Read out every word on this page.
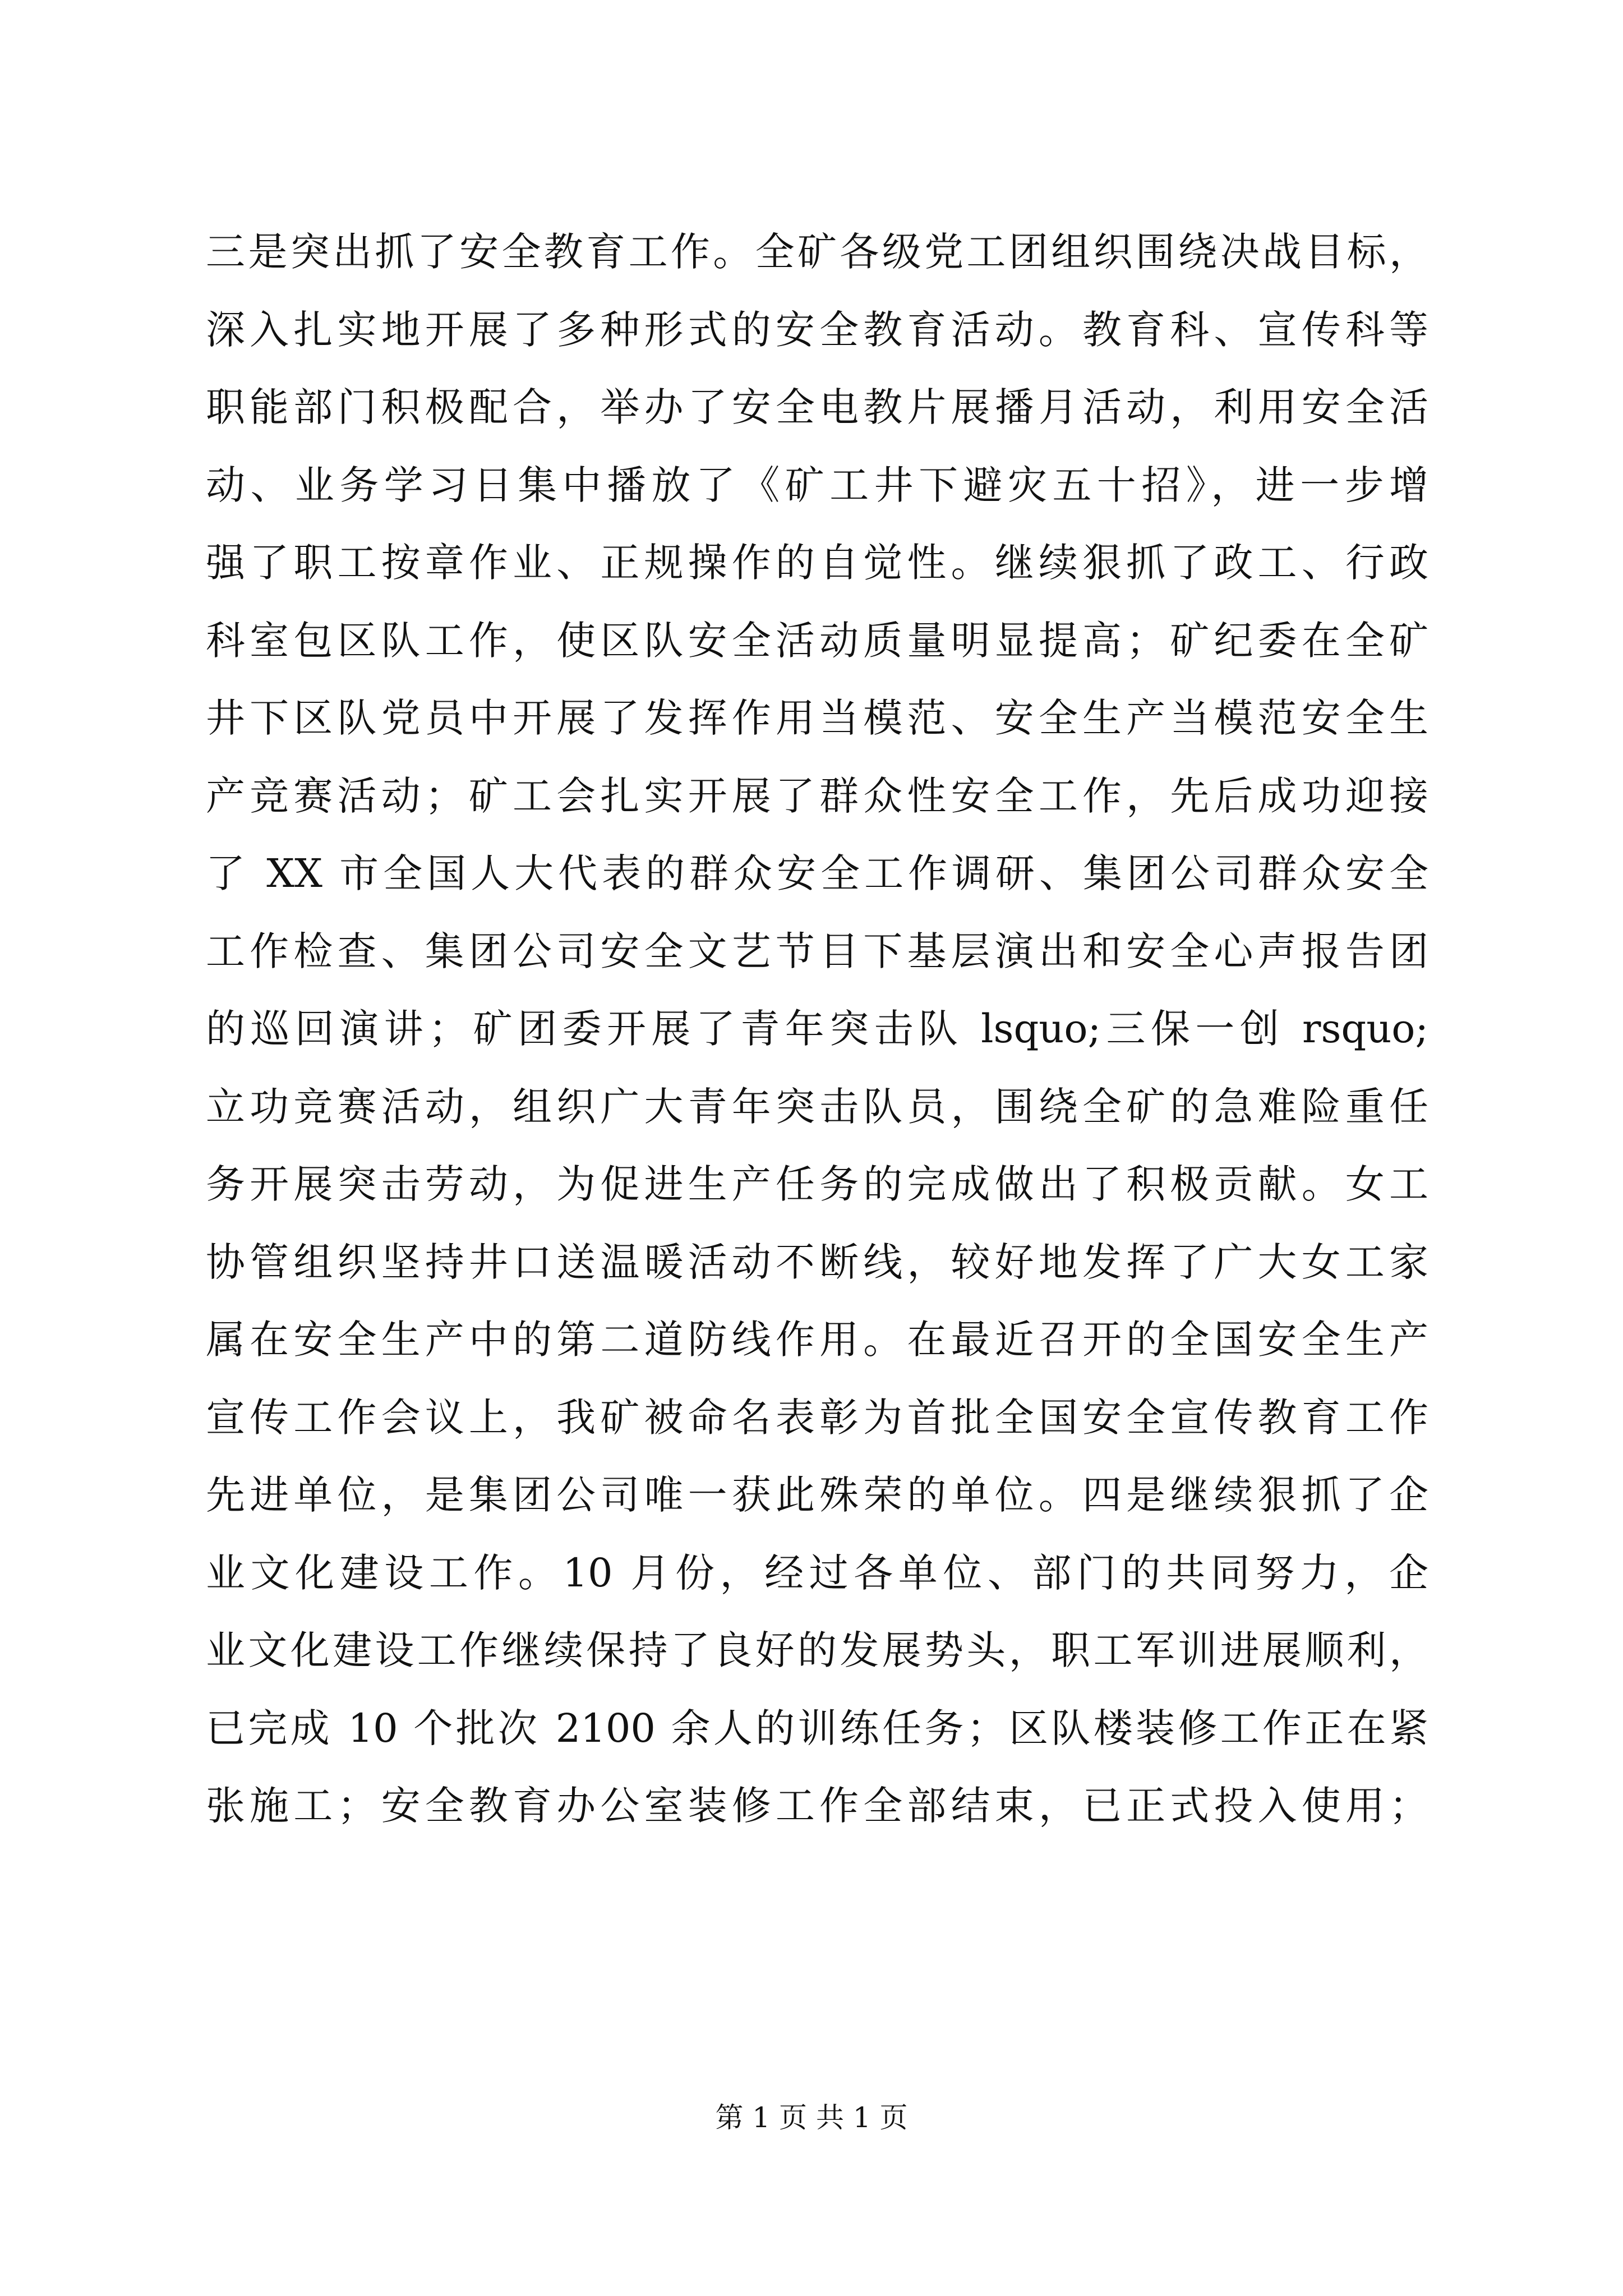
三是突出抓了安全教育工作。全矿各级党工团组织围绕决战目标，
深入扎实地开展了多种形式的安全教育活动。教育科、宣传科等
职能部门积极配合，举办了安全电教片展播月活动，利用安全活
动、业务学习日集中播放了《矿工井下避灾五十招》，进一步增
强了职工按章作业、正规操作的自觉性。继续狠抓了政工、行政
科室包区队工作，使区队安全活动质量明显提高；矿纪委在全矿
井下区队党员中开展了发挥作用当模范、安全生产当模范安全生
产竞赛活动；矿工会扎实开展了群众性安全工作，先后成功迎接
了 XX 市全国人大代表的群众安全工作调研、集团公司群众安全
工作检查、集团公司安全文艺节目下基层演出和安全心声报告团
的巡回演讲；矿团委开展了青年突击队 lsquo;三保一创 rsquo;
立功竞赛活动，组织广大青年突击队员，围绕全矿的急难险重任
务开展突击劳动，为促进生产任务的完成做出了积极贡献。女工
协管组织坚持井口送温暖活动不断线，较好地发挥了广大女工家
属在安全生产中的第二道防线作用。在最近召开的全国安全生产
宣传工作会议上，我矿被命名表彰为首批全国安全宣传教育工作
先进单位，是集团公司唯一获此殊荣的单位。四是继续狠抓了企
业文化建设工作。10 月份，经过各单位、部门的共同努力，企
业文化建设工作继续保持了良好的发展势头，职工军训进展顺利，
已完成 10 个批次 2100 余人的训练任务；区队楼装修工作正在紧
张施工；安全教育办公室装修工作全部结束，已正式投入使用；
第 1 页 共 1 页
